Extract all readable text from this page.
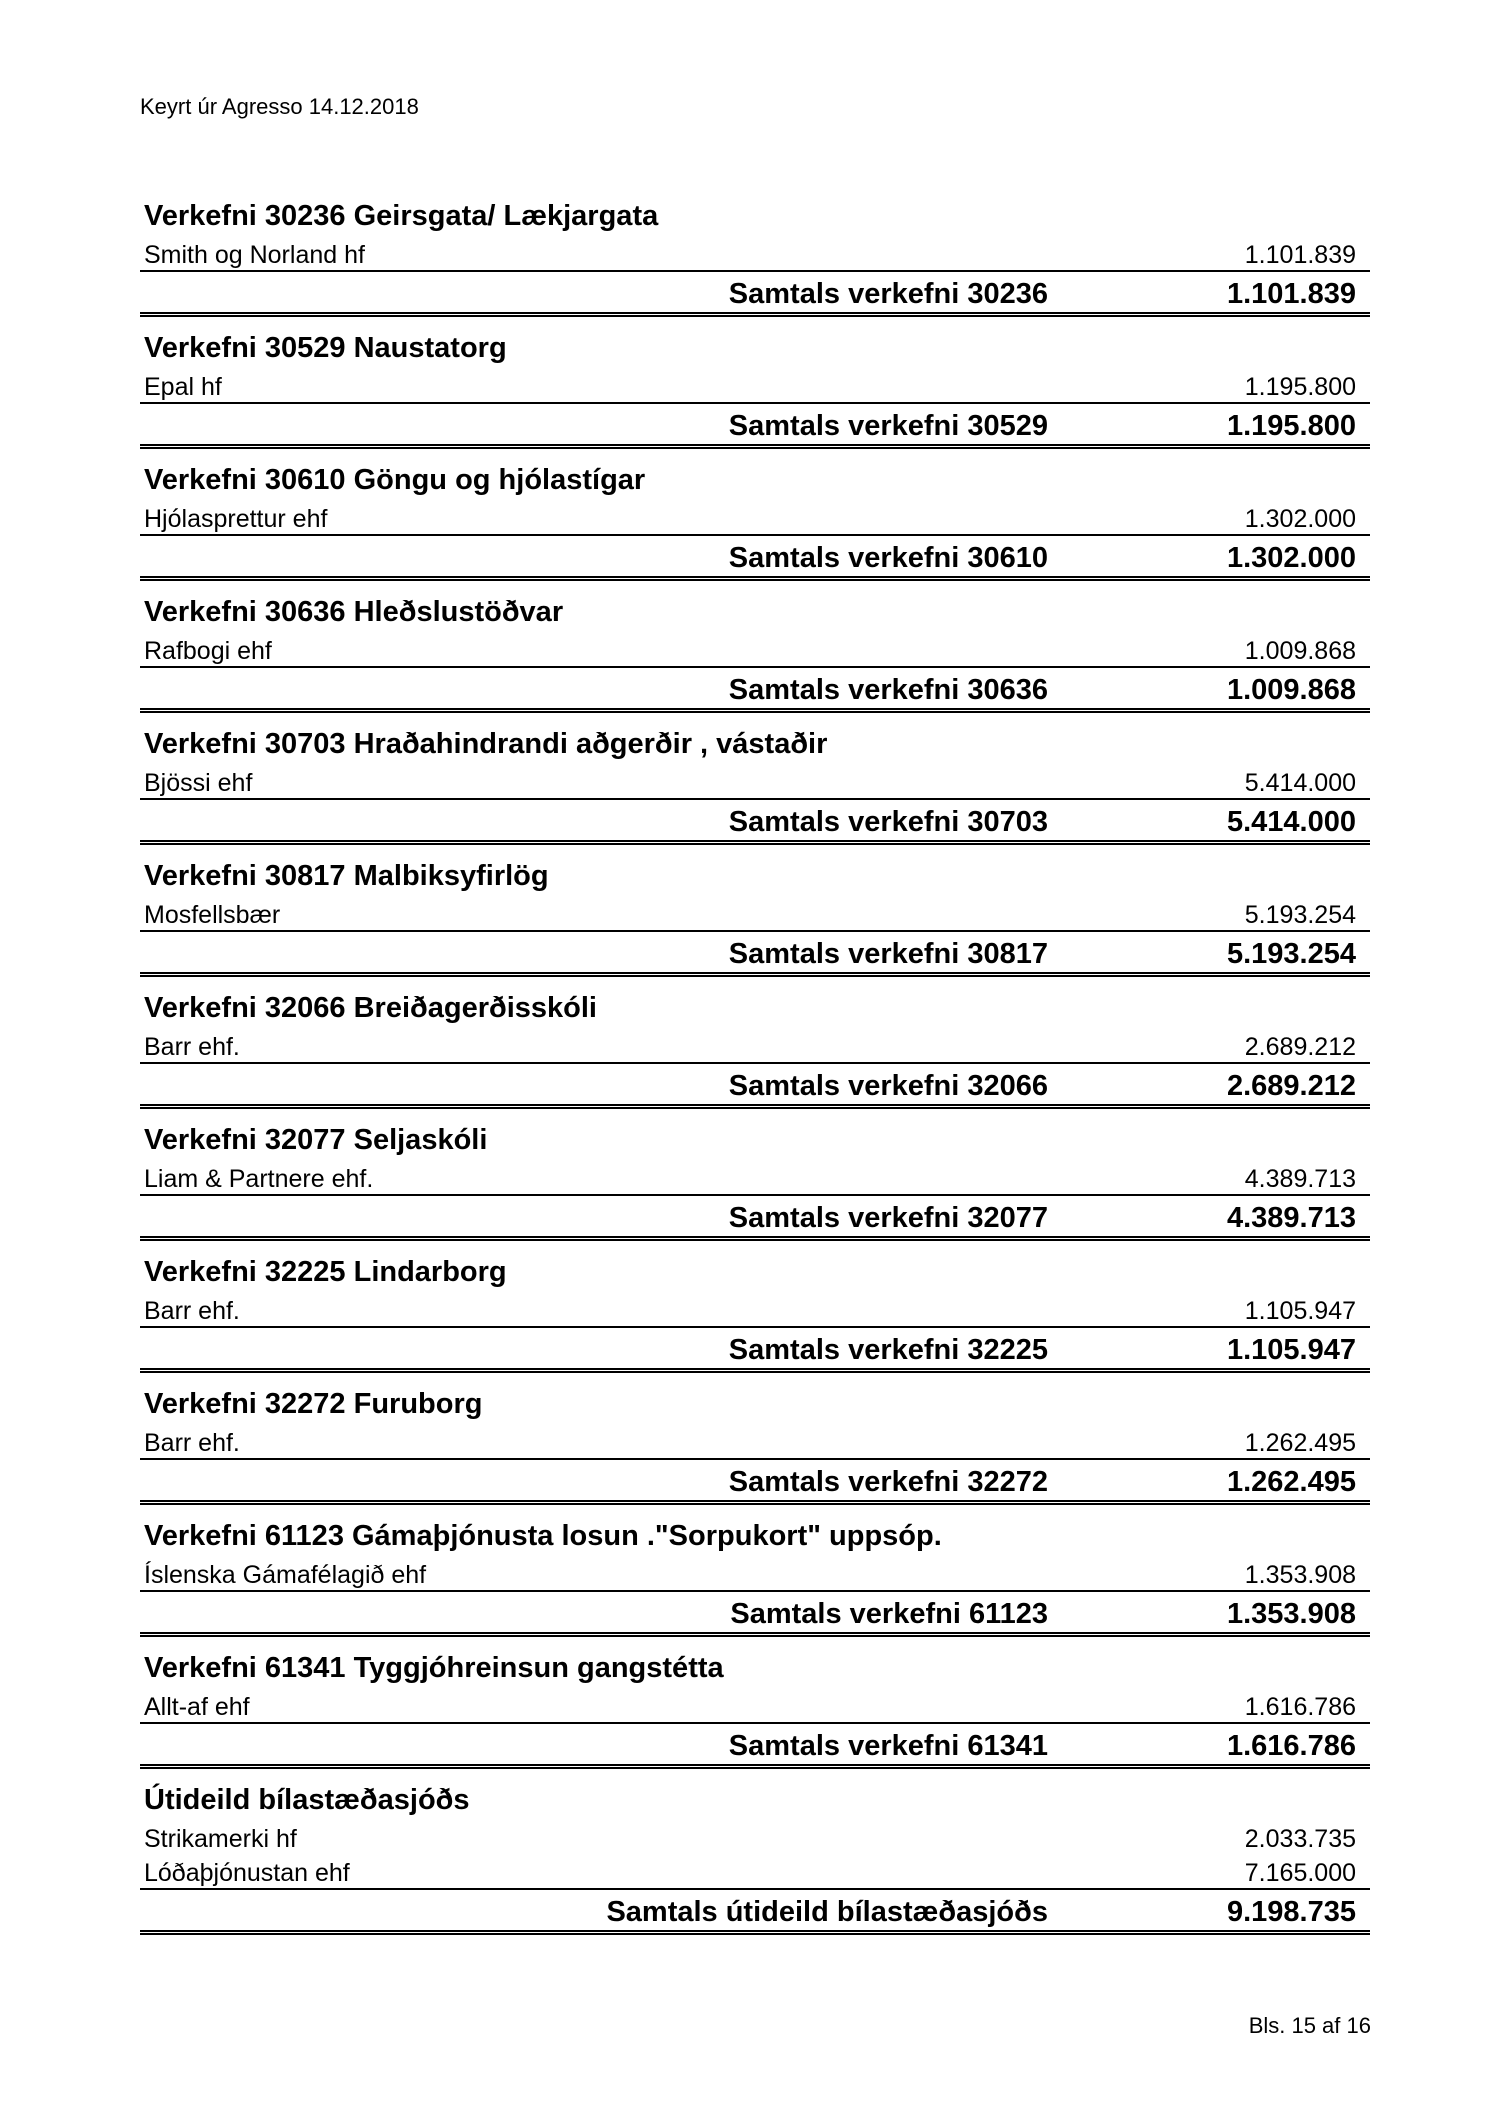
Keyrt úr Agresso 14.12.2018
Verkefni 30236 Geirsgata/ Lækjargata
Smith og Norland hf	1.101.839
Samtals verkefni 30236	1.101.839
Verkefni 30529 Naustatorg
Epal hf	1.195.800
Samtals verkefni 30529	1.195.800
Verkefni 30610 Göngu og hjólastígar
Hjólasprettur ehf	1.302.000
Samtals verkefni 30610	1.302.000
Verkefni 30636 Hleðslustöðvar
Rafbogi ehf	1.009.868
Samtals verkefni 30636	1.009.868
Verkefni 30703 Hraðahindrandi aðgerðir , vástaðir
Bjössi ehf	5.414.000
Samtals verkefni 30703	5.414.000
Verkefni 30817 Malbiksyfirlög
Mosfellsbær	5.193.254
Samtals verkefni 30817	5.193.254
Verkefni 32066 Breiðagerðisskóli
Barr ehf.	2.689.212
Samtals verkefni 32066	2.689.212
Verkefni 32077 Seljaskóli
Liam & Partnere ehf.	4.389.713
Samtals verkefni 32077	4.389.713
Verkefni 32225 Lindarborg
Barr ehf.	1.105.947
Samtals verkefni 32225	1.105.947
Verkefni 32272 Furuborg
Barr ehf.	1.262.495
Samtals verkefni 32272	1.262.495
Verkefni 61123 Gámaþjónusta losun ."Sorpukort" uppsóp.
Íslenska Gámafélagið ehf	1.353.908
Samtals verkefni 61123	1.353.908
Verkefni 61341 Tyggjóhreinsun gangstétta
Allt-af ehf	1.616.786
Samtals verkefni 61341	1.616.786
Útideild bílastæðasjóðs
Strikamerki hf	2.033.735
Lóðaþjónustan ehf	7.165.000
Samtals útideild bílastæðasjóðs	9.198.735
Bls. 15 af 16
